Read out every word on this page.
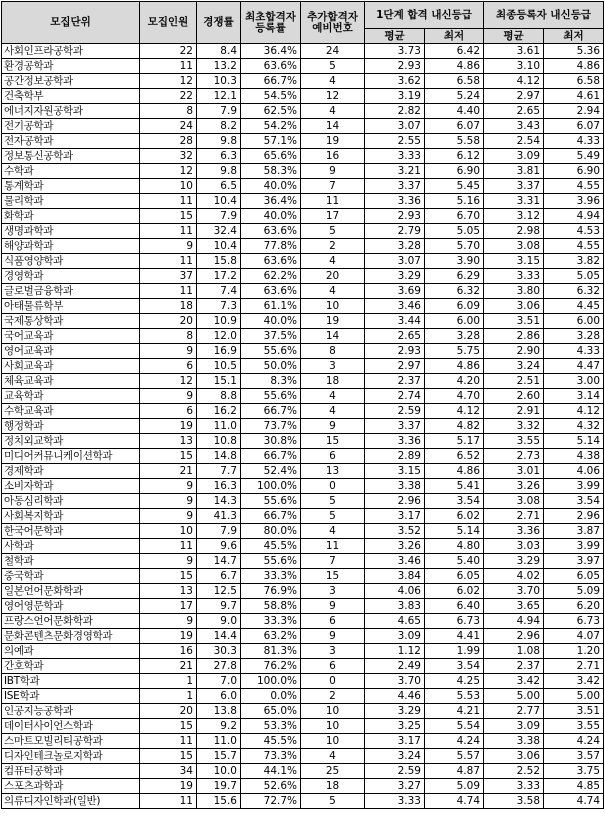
모집단위	모집인원	경쟁률	최초합격자 등록률	추가합격자 예비번호	1단계 합격 내신등급		최종등록자 내신등급	
					평균	최저	평균	최저
사회인프라공학과	22	8.4	36.4%	24	3.73	6.42	3.61	5.36
환경공학과	11	13.2	63.6%	5	2.93	4.86	3.10	4.86
공간정보공학과	12	10.3	66.7%	4	3.62	6.58	4.12	6.58
건축학부	22	12.1	54.5%	12	3.19	5.24	2.97	4.61
에너지자원공학과	8	7.9	62.5%	4	2.82	4.40	2.65	2.94
전기공학과	24	8.2	54.2%	14	3.07	6.07	3.43	6.07
전자공학과	28	9.8	57.1%	19	2.55	5.58	2.54	4.33
정보통신공학과	32	6.3	65.6%	16	3.33	6.12	3.09	5.49
수학과	12	9.8	58.3%	9	3.21	6.90	3.81	6.90
통계학과	10	6.5	40.0%	7	3.37	5.45	3.37	4.55
물리학과	11	10.4	36.4%	11	3.36	5.16	3.31	3.96
화학과	15	7.9	40.0%	17	2.93	6.70	3.12	4.94
생명과학과	11	32.4	63.6%	5	2.79	5.05	2.98	4.53
해양과학과	9	10.4	77.8%	2	3.28	5.70	3.08	4.55
식품영양학과	11	15.8	63.6%	4	3.07	3.90	3.15	3.82
경영학과	37	17.2	62.2%	20	3.29	6.29	3.33	5.05
글로벌금융학과	11	7.4	63.6%	4	3.69	6.32	3.80	6.32
아태물류학부	18	7.3	61.1%	10	3.46	6.09	3.06	4.45
국제통상학과	20	10.9	40.0%	19	3.44	6.00	3.51	6.00
국어교육과	8	12.0	37.5%	14	2.65	3.28	2.86	3.28
영어교육과	9	16.9	55.6%	8	2.93	5.75	2.90	4.33
사회교육과	6	10.5	50.0%	3	2.97	4.86	3.24	4.47
체육교육과	12	15.1	8.3%	18	2.37	4.20	2.51	3.00
교육학과	9	8.8	55.6%	4	2.74	4.70	2.60	3.14
수학교육과	6	16.2	66.7%	4	2.59	4.12	2.91	4.12
행정학과	19	11.0	73.7%	9	3.37	4.82	3.32	4.32
정치외교학과	13	10.8	30.8%	15	3.36	5.17	3.55	5.14
미디어커뮤니케이션학과	15	14.8	66.7%	6	2.89	6.52	2.73	4.38
경제학과	21	7.7	52.4%	13	3.15	4.86	3.01	4.06
소비자학과	9	16.3	100.0%	0	3.38	5.41	3.26	3.99
아동심리학과	9	14.3	55.6%	5	2.96	3.54	3.08	3.54
사회복지학과	9	41.3	66.7%	5	3.17	6.02	2.71	2.96
한국어문학과	10	7.9	80.0%	4	3.52	5.14	3.36	3.87
사학과	11	9.6	45.5%	11	3.26	4.80	3.03	3.99
철학과	9	14.7	55.6%	7	3.46	5.40	3.29	3.97
중국학과	15	6.7	33.3%	15	3.84	6.05	4.02	6.05
일본언어문화학과	13	12.5	76.9%	3	4.06	6.02	3.70	5.09
영어영문학과	17	9.7	58.8%	9	3.83	6.40	3.65	6.20
프랑스언어문화학과	9	9.0	33.3%	6	4.65	6.73	4.94	6.73
문화콘텐츠문화경영학과	19	14.4	63.2%	9	3.09	4.41	2.96	4.07
의예과	16	30.3	81.3%	3	1.12	1.99	1.08	1.20
간호학과	21	27.8	76.2%	6	2.49	3.54	2.37	2.71
IBT학과	1	7.0	100.0%	0	3.70	4.25	3.42	3.42
ISE학과	1	6.0	0.0%	2	4.46	5.53	5.00	5.00
인공지능공학과	20	13.8	65.0%	10	3.29	4.21	2.77	3.51
데이터사이언스학과	15	9.2	53.3%	10	3.25	5.54	3.09	3.55
스마트모빌리티공학과	11	11.0	45.5%	10	3.17	4.24	3.38	4.24
디자인테크놀로지학과	15	15.7	73.3%	4	3.24	5.57	3.06	3.57
컴퓨터공학과	34	10.0	44.1%	25	2.59	4.87	2.52	3.75
스포츠과학과	19	19.7	52.6%	18	3.27	5.09	3.33	4.85
의류디자인학과(일반)	11	15.6	72.7%	5	3.33	4.74	3.58	4.74
